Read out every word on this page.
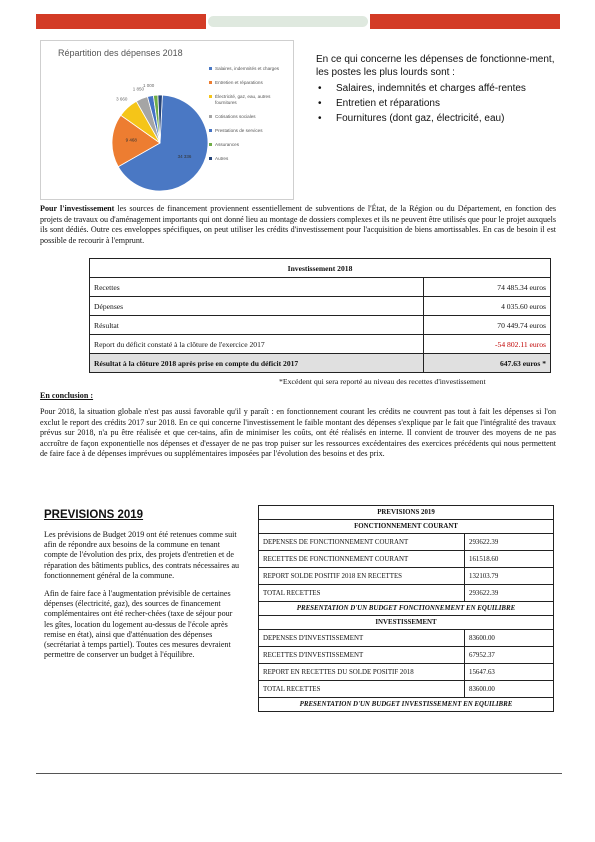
Répartition des dépenses 2018
34 336
9 468
3 660
1 850
1 000
Salaires, indemnités et charges
Entretien et réparations
Électricité, gaz, eau, autres fournitures
Cotisations sociales
Prestations de services
Assurances
Autres
En ce qui concerne les dépenses de fonctionne-ment, les postes les plus lourds sont :
• Salaires, indemnités et charges affé-rentes
• Entretien et réparations
• Fournitures (dont gaz, électricité, eau)
Pour l'investissement les sources de financement proviennent essentiellement de subventions de l'État, de la Région ou du Département, en fonction des projets de travaux ou d'aménagement importants qui ont donné lieu au montage de dossiers complexes et ils ne peuvent être utilisés que pour le projet auxquels ils sont dédiés. Outre ces enveloppes spécifiques, on peut utiliser les crédits d'investissement pour l'acquisition de biens amortissables. En cas de besoin il est possible de recourir à l'emprunt.
Investissement 2018	
Recettes	74 485.34 euros
Dépenses	4 035.60 euros
Résultat	70 449.74 euros
Report du déficit constaté à la clôture de l'exercice 2017	-54 802.11 euros
Résultat à la clôture 2018 après prise en compte du déficit 2017	647.63 euros *
*Excédent qui sera reporté au niveau des recettes d'investissement
En conclusion :
Pour 2018, la situation globale n'est pas aussi favorable qu'il y paraît : en fonctionnement courant les crédits ne couvrent pas tout à fait les dépenses si l'on exclut le report des crédits 2017 sur 2018. En ce qui concerne l'investissement le faible montant des dépenses s'explique par le fait que l'intégralité des travaux prévus sur 2018, n'a pu être réalisée et que cer-tains, afin de minimiser les coûts, ont été réalisés en interne. Il convient de trouver des moyens de ne pas accroître de façon exponentielle nos dépenses et d'essayer de ne pas trop puiser sur les ressources excédentaires des exercices précédents qui nous permettent de faire face à de dépenses imprévues ou supplémentaires imposées par l'évolution des besoins et des prix.
PREVISIONS 2019

Les prévisions de Budget 2019 ont été retenues comme suit afin de répondre aux besoins de la commune en tenant compte de l'évolution des prix, des projets d'entretien et de réparation des bâtiments publics, des contrats nécessaires au fonctionnement général de la commune.

Afin de faire face à l'augmentation prévisible de certaines dépenses (électricité, gaz), des sources de financement complémentaires ont été recher-chées (taxe de séjour pour les gîtes, location du logement au-dessus de l'école après remise en état), ainsi que d'atténuation des dépenses (secrétariat à temps partiel). Toutes ces mesures devraient permettre de conserver un budget à l'équilibre.

PREVISIONS 2019	
FONCTIONNEMENT COURANT	
DEPENSES DE FONCTIONNEMENT COURANT	293622.39
RECETTES DE FONCTIONNEMENT COURANT	161518.60
REPORT SOLDE POSITIF 2018 EN RECETTES	132103.79
TOTAL RECETTES	293622.39
PRESENTATION D'UN BUDGET FONCTIONNEMENT EN EQUILIBRE	
INVESTISSEMENT	
DEPENSES D'INVESTISSEMENT	83600.00
RECETTES D'INVESTISSEMENT	67952.37
REPORT EN RECETTES DU SOLDE POSITIF 2018	15647.63
TOTAL RECETTES	83600.00
PRESENTATION D'UN BUDGET INVESTISSEMENT EN EQUILIBRE	
